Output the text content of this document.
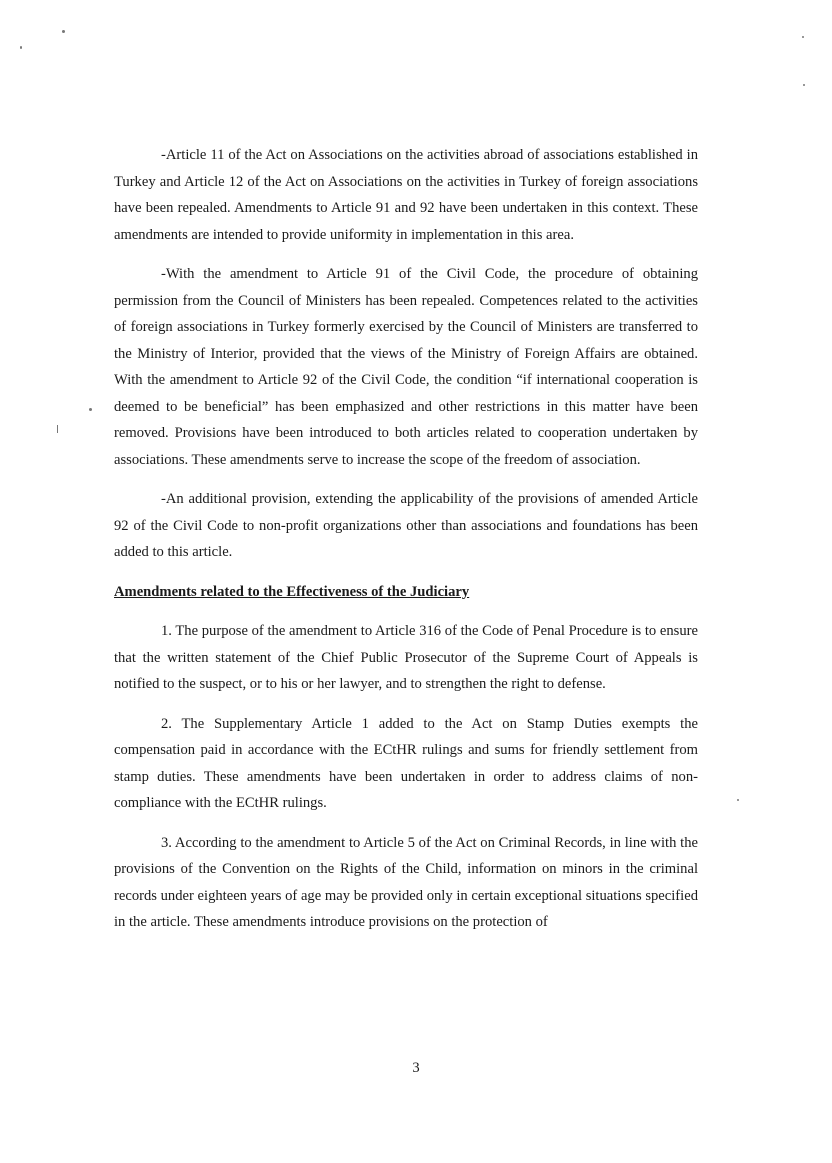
-Article 11 of the Act on Associations on the activities abroad of associations established in Turkey and Article 12 of the Act on Associations on the activities in Turkey of foreign associations have been repealed. Amendments to Article 91 and 92 have been undertaken in this context. These amendments are intended to provide uniformity in implementation in this area.

-With the amendment to Article 91 of the Civil Code, the procedure of obtaining permission from the Council of Ministers has been repealed. Competences related to the activities of foreign associations in Turkey formerly exercised by the Council of Ministers are transferred to the Ministry of Interior, provided that the views of the Ministry of Foreign Affairs are obtained. With the amendment to Article 92 of the Civil Code, the condition “if international cooperation is deemed to be beneficial” has been emphasized and other restrictions in this matter have been removed. Provisions have been introduced to both articles related to cooperation undertaken by associations. These amendments serve to increase the scope of the freedom of association.

-An additional provision, extending the applicability of the provisions of amended Article 92 of the Civil Code to non-profit organizations other than associations and foundations has been added to this article.

Amendments related to the Effectiveness of the Judiciary

1. The purpose of the amendment to Article 316 of the Code of Penal Procedure is to ensure that the written statement of the Chief Public Prosecutor of the Supreme Court of Appeals is notified to the suspect, or to his or her lawyer, and to strengthen the right to defense.

2. The Supplementary Article 1 added to the Act on Stamp Duties exempts the compensation paid in accordance with the ECtHR rulings and sums for friendly settlement from stamp duties. These amendments have been undertaken in order to address claims of non-compliance with the ECtHR rulings.

3. According to the amendment to Article 5 of the Act on Criminal Records, in line with the provisions of the Convention on the Rights of the Child, information on minors in the criminal records under eighteen years of age may be provided only in certain exceptional situations specified in the article. These amendments introduce provisions on the protection of

3
